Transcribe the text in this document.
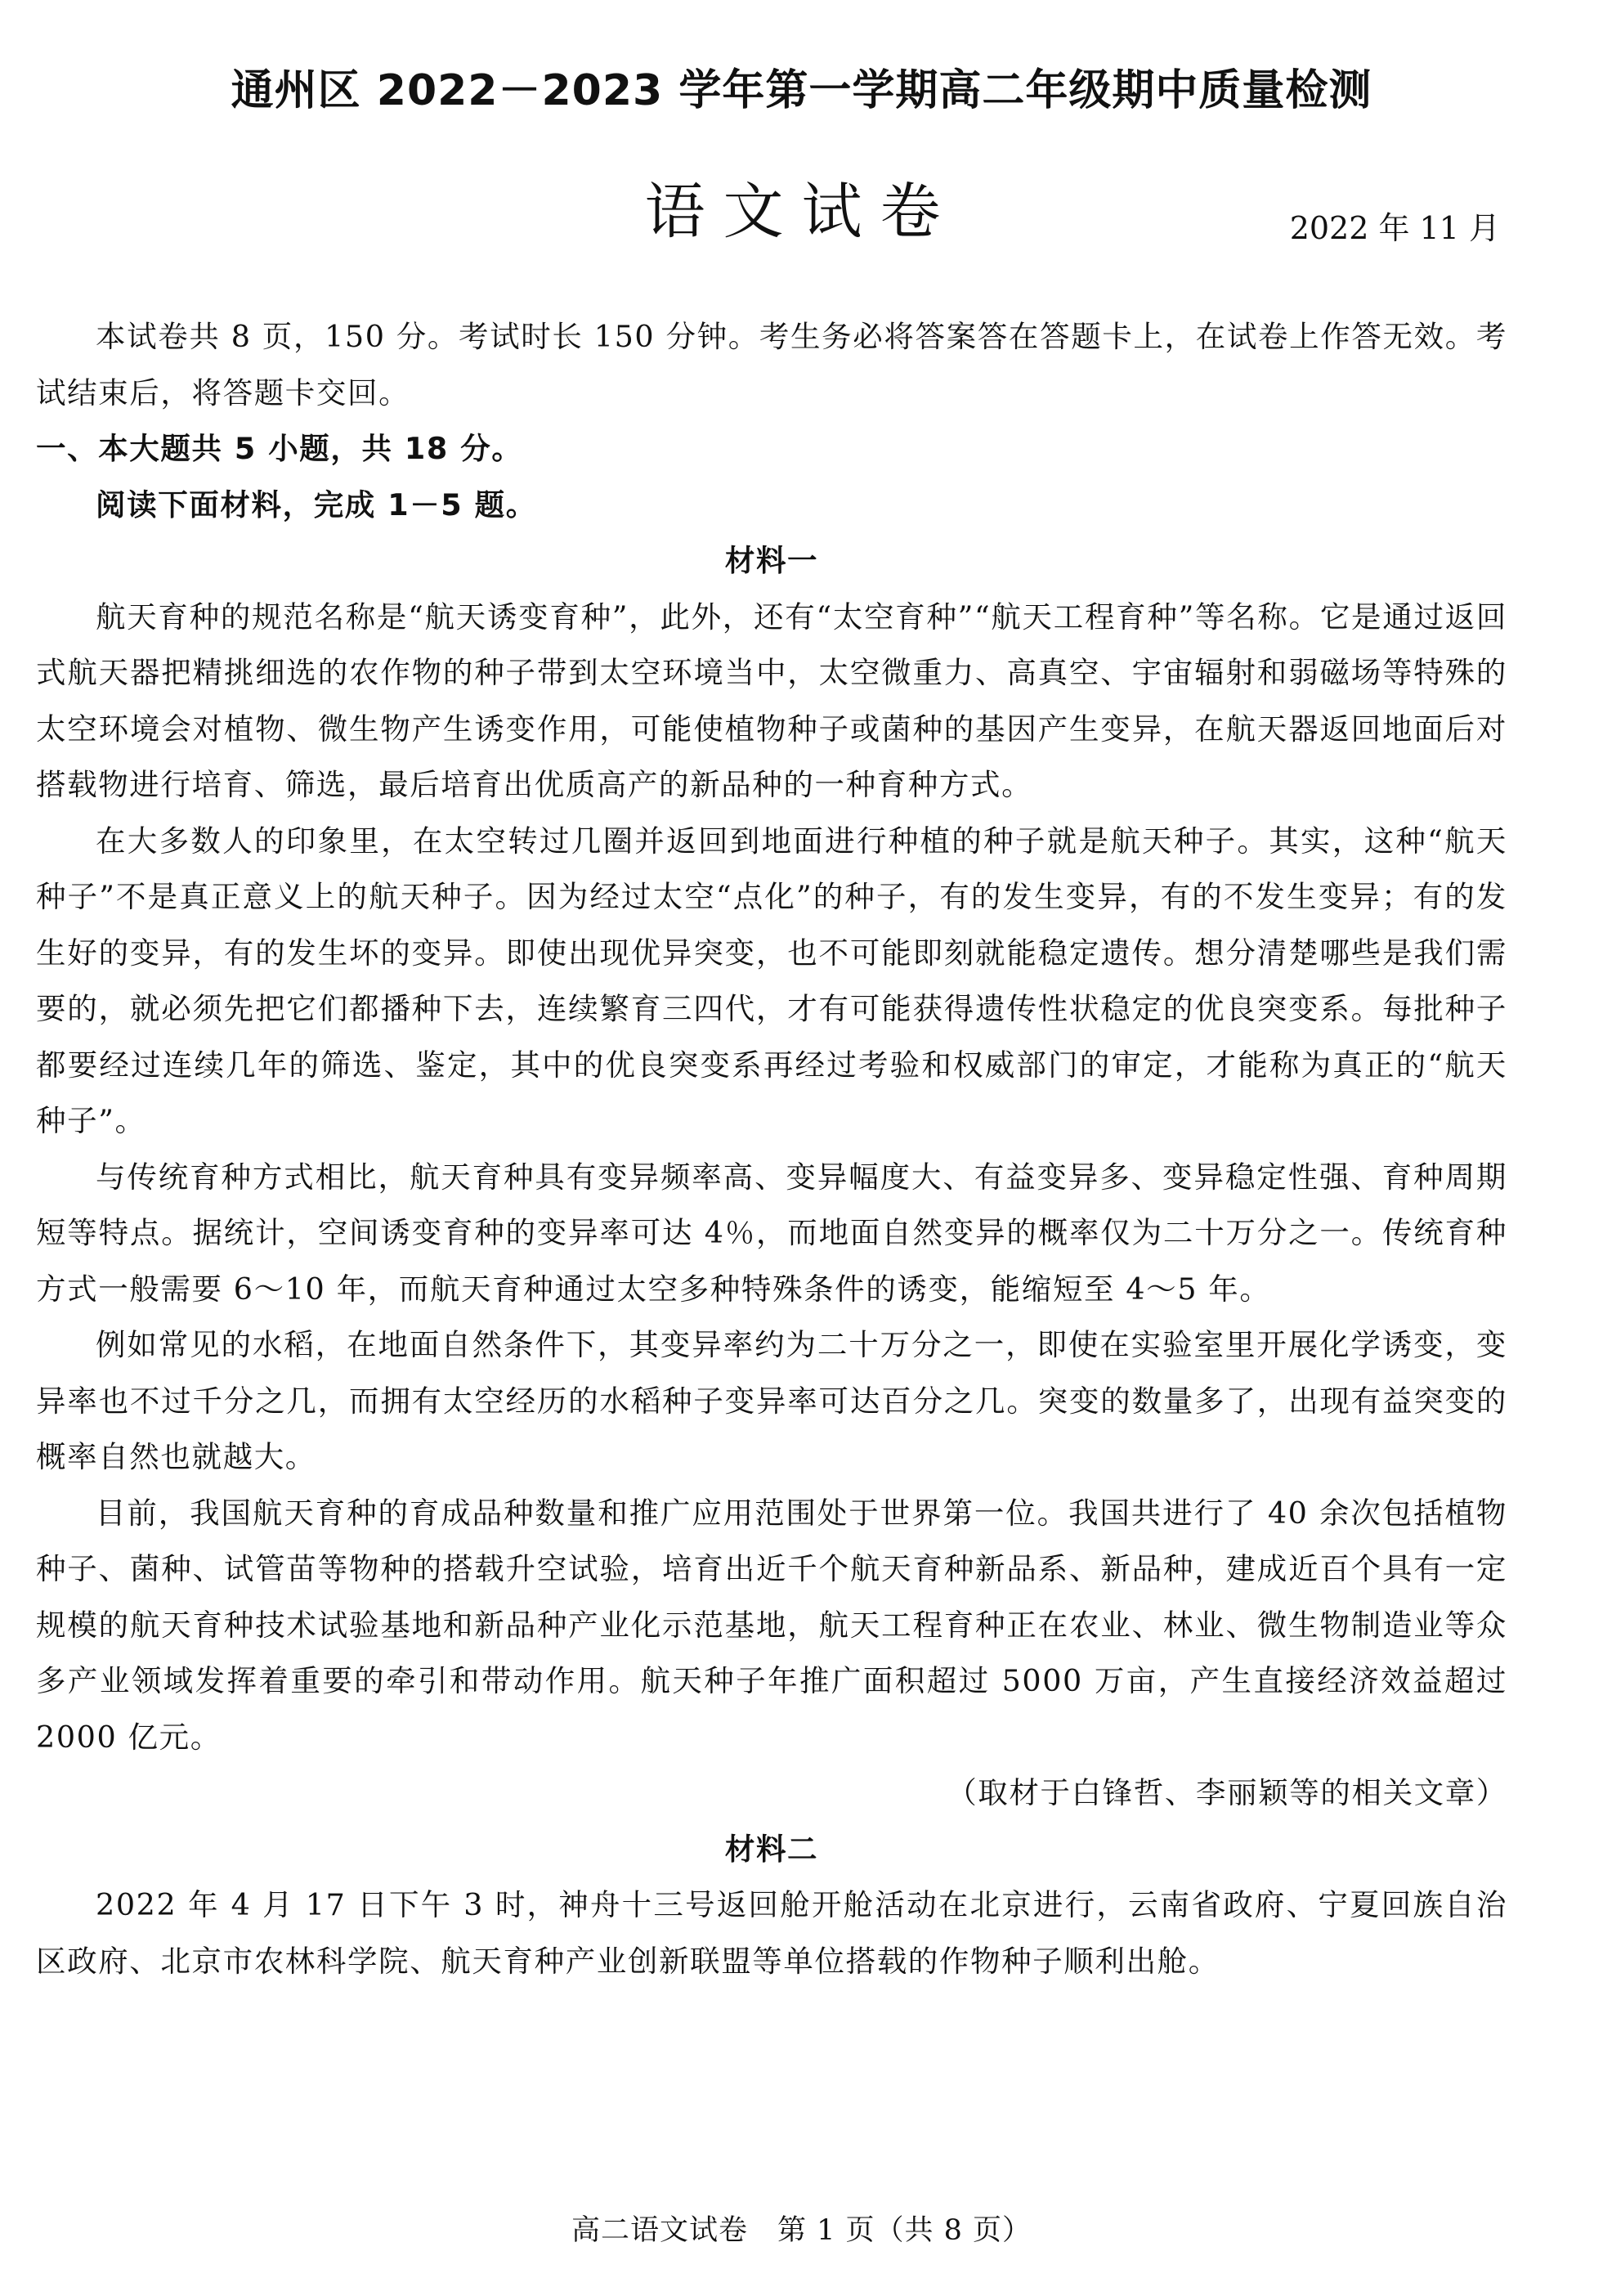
通州区 2022－2023 学年第一学期高二年级期中质量检测
语文试卷	2022 年 11 月

本试卷共 8 页，150 分。考试时长 150 分钟。考生务必将答案答在答题卡上，在试卷上作答无效。考试结束后，将答题卡交回。

一、本大题共 5 小题，共 18 分。

阅读下面材料，完成 1－5 题。

材料一

航天育种的规范名称是“航天诱变育种”，此外，还有“太空育种”“航天工程育种”等名称。它是通过返回式航天器把精挑细选的农作物的种子带到太空环境当中，太空微重力、高真空、宇宙辐射和弱磁场等特殊的太空环境会对植物、微生物产生诱变作用，可能使植物种子或菌种的基因产生变异，在航天器返回地面后对搭载物进行培育、筛选，最后培育出优质高产的新品种的一种育种方式。

在大多数人的印象里，在太空转过几圈并返回到地面进行种植的种子就是航天种子。其实，这种“航天种子”不是真正意义上的航天种子。因为经过太空“点化”的种子，有的发生变异，有的不发生变异；有的发生好的变异，有的发生坏的变异。即使出现优异突变，也不可能即刻就能稳定遗传。想分清楚哪些是我们需要的，就必须先把它们都播种下去，连续繁育三四代，才有可能获得遗传性状稳定的优良突变系。每批种子都要经过连续几年的筛选、鉴定，其中的优良突变系再经过考验和权威部门的审定，才能称为真正的“航天种子”。

与传统育种方式相比，航天育种具有变异频率高、变异幅度大、有益变异多、变异稳定性强、育种周期短等特点。据统计，空间诱变育种的变异率可达 4％，而地面自然变异的概率仅为二十万分之一。传统育种方式一般需要 6～10 年，而航天育种通过太空多种特殊条件的诱变，能缩短至 4～5 年。

例如常见的水稻，在地面自然条件下，其变异率约为二十万分之一，即使在实验室里开展化学诱变，变异率也不过千分之几，而拥有太空经历的水稻种子变异率可达百分之几。突变的数量多了，出现有益突变的概率自然也就越大。

目前，我国航天育种的育成品种数量和推广应用范围处于世界第一位。我国共进行了 40 余次包括植物种子、菌种、试管苗等物种的搭载升空试验，培育出近千个航天育种新品系、新品种，建成近百个具有一定规模的航天育种技术试验基地和新品种产业化示范基地，航天工程育种正在农业、林业、微生物制造业等众多产业领域发挥着重要的牵引和带动作用。航天种子年推广面积超过 5000 万亩，产生直接经济效益超过 2000 亿元。

（取材于白锋哲、李丽颖等的相关文章）

材料二

2022 年 4 月 17 日下午 3 时，神舟十三号返回舱开舱活动在北京进行，云南省政府、宁夏回族自治区政府、北京市农林科学院、航天育种产业创新联盟等单位搭载的作物种子顺利出舱。

高二语文试卷　第 1 页（共 8 页）
